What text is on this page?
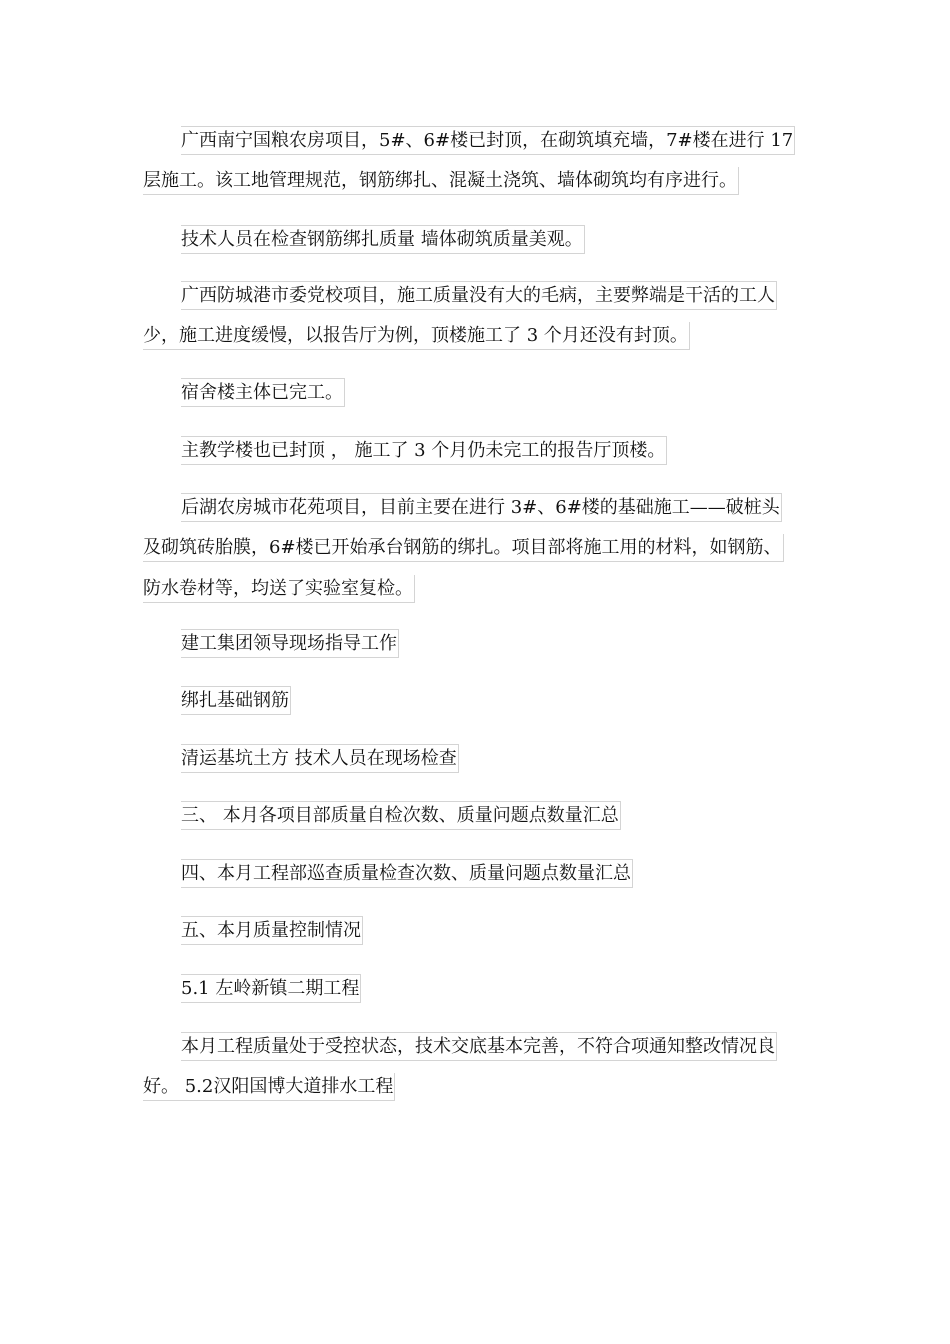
广西南宁国粮农房项目，5#、6#楼已封顶，在砌筑填充墙，7#楼在进行 17
层施工。该工地管理规范，钢筋绑扎、混凝土浇筑、墙体砌筑均有序进行。
技术人员在检查钢筋绑扎质量 墙体砌筑质量美观。
广西防城港市委党校项目，施工质量没有大的毛病，主要弊端是干活的工人
少，施工进度缓慢，以报告厅为例，顶楼施工了 3 个月还没有封顶。
宿舍楼主体已完工。
主教学楼也已封顶 ， 施工了 3 个月仍未完工的报告厅顶楼。
后湖农房城市花苑项目，目前主要在进行 3#、6#楼的基础施工——破桩头
及砌筑砖胎膜，6#楼已开始承台钢筋的绑扎。项目部将施工用的材料，如钢筋、
防水卷材等，均送了实验室复检。
建工集团领导现场指导工作
绑扎基础钢筋
清运基坑土方 技术人员在现场检查
三、 本月各项目部质量自检次数、质量问题点数量汇总
四、本月工程部巡查质量检查次数、质量问题点数量汇总
五、本月质量控制情况
5.1 左岭新镇二期工程
本月工程质量处于受控状态，技术交底基本完善，不符合项通知整改情况良
好。 5.2汉阳国博大道排水工程
